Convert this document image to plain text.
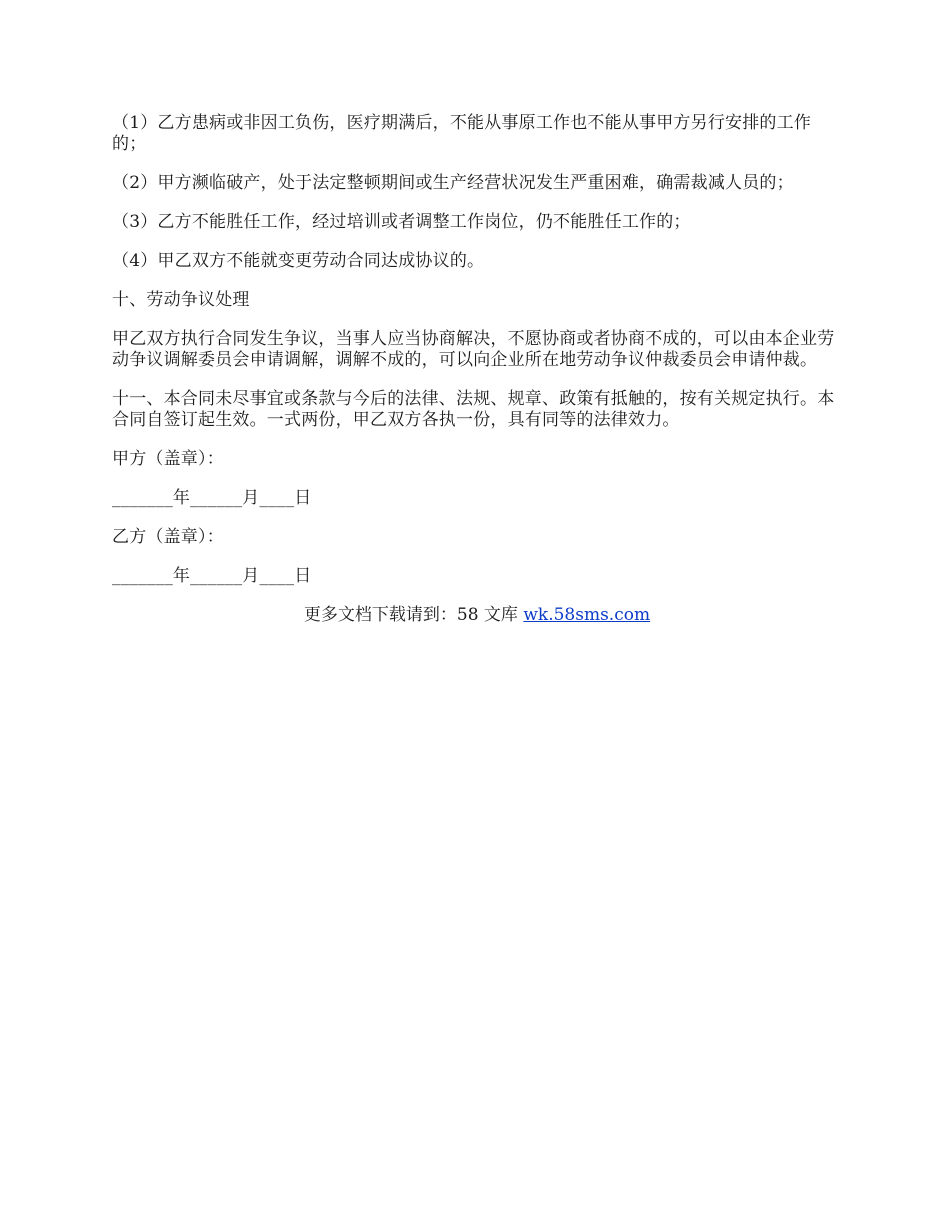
（1）乙方患病或非因工负伤，医疗期满后，不能从事原工作也不能从事甲方另行安排的工作的；

（2）甲方濒临破产，处于法定整顿期间或生产经营状况发生严重困难，确需裁减人员的；

（3）乙方不能胜任工作，经过培训或者调整工作岗位，仍不能胜任工作的；

（4）甲乙双方不能就变更劳动合同达成协议的。

十、劳动争议处理

甲乙双方执行合同发生争议，当事人应当协商解决，不愿协商或者协商不成的，可以由本企业劳动争议调解委员会申请调解，调解不成的，可以向企业所在地劳动争议仲裁委员会申请仲裁。

十一、本合同未尽事宜或条款与今后的法律、法规、规章、政策有抵触的，按有关规定执行。本合同自签订起生效。一式两份，甲乙双方各执一份，具有同等的法律效力。

甲方（盖章）：

_______年______月____日

乙方（盖章）：

_______年______月____日

更多文档下载请到：58 文库 wk.58sms.com
